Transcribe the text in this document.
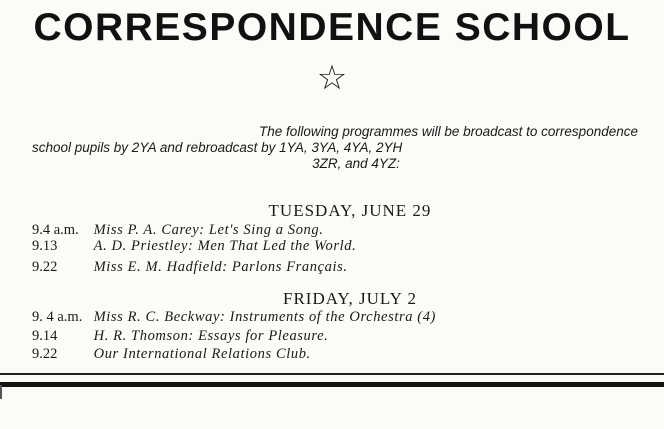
CORRESPONDENCE SCHOOL
☆
The following programmes will be broadcast to correspondence
school pupils by 2YA and rebroadcast by 1YA, 3YA, 4YA, 2YH
3ZR, and 4YZ:
TUESDAY, JUNE 29
9.4 a.m. Miss P. A. Carey: Let's Sing a Song.
9.13	A. D. Priestley: Men That Led the World.
9.22	Miss E. M. Hadfield: Parlons Français.
FRIDAY, JULY 2
9. 4 a.m. Miss R. C. Beckway: Instruments of the Orchestra (4)
9.14	H. R. Thomson: Essays for Pleasure.
9.22	Our International Relations Club.
